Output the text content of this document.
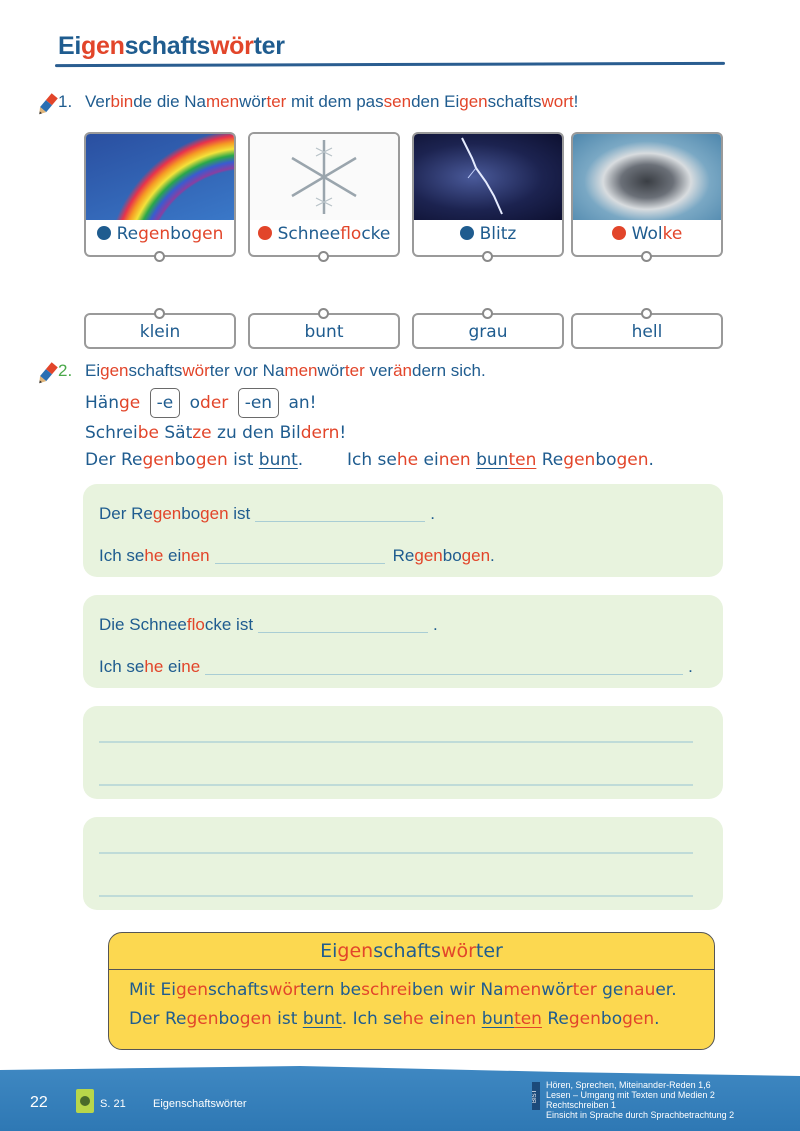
Eigenschaftswörter
1. Verbinde die Namenwörter mit dem passenden Eigenschaftswort!
Regenbogen	Schneeflocke	Blitz	Wolke
klein	bunt	grau	hell
2. Eigenschaftswörter vor Namenwörter verändern sich.
Hänge -e oder -en an!
Schreibe Sätze zu den Bildern!
Der Regenbogen ist bunt.	Ich sehe einen bunten Regenbogen.
Der Regenbogen ist	.
Ich sehe einen	Regenbogen.
Die Schneeflocke ist	.
Ich sehe eine	.
Eigenschaftswörter
Mit Eigenschaftswörtern beschreiben wir Namenwörter genauer.
Der Regenbogen ist bunt. Ich sehe einen bunten Regenbogen.
22	S. 21 Eigenschaftswörter
BIST
Hören, Sprechen, Miteinander-Reden 1,6
Lesen – Umgang mit Texten und Medien 2
Rechtschreiben 1
Einsicht in Sprache durch Sprachbetrachtung 2
